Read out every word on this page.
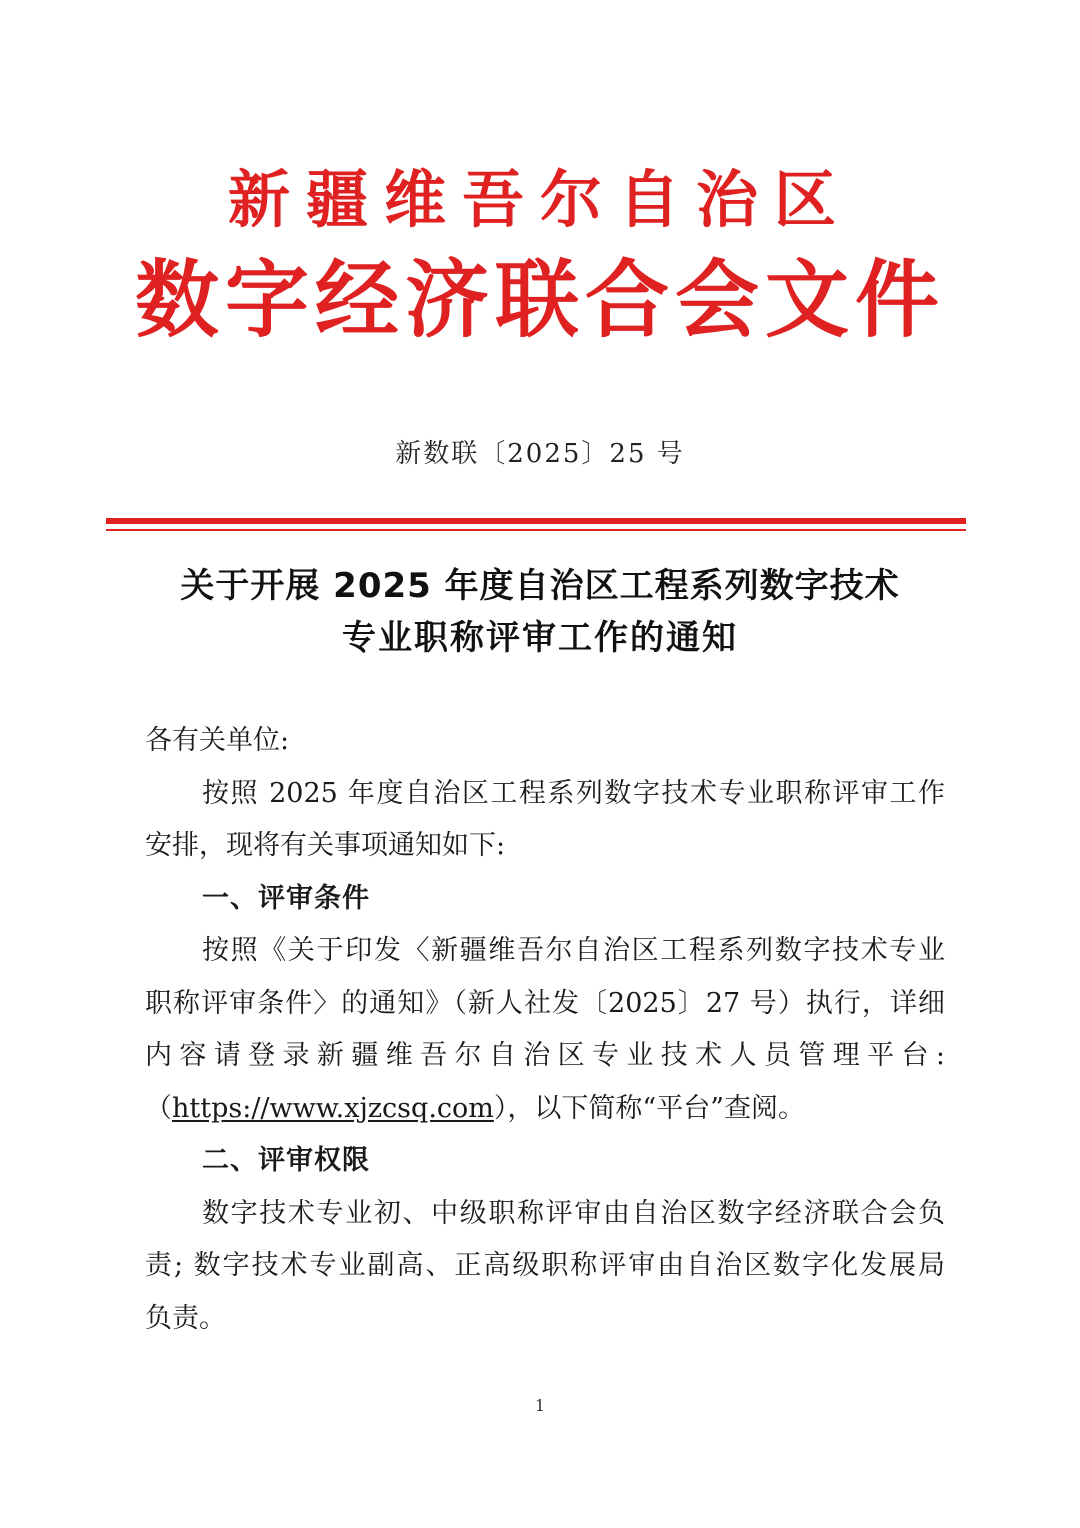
新疆维吾尔自治区
数字经济联合会文件
新数联〔2025〕25 号
关于开展 2025 年度自治区工程系列数字技术
专业职称评审工作的通知
各有关单位:
按照 2025 年度自治区工程系列数字技术专业职称评审工作
安排，现将有关事项通知如下:
一、评审条件
按照《关于印发〈新疆维吾尔自治区工程系列数字技术专业
职称评审条件〉的通知》（新人社发〔2025〕27 号）执行，详细
内容请登录新疆维吾尔自治区专业技术人员管理平台:
（https://www.xjzcsq.com），以下简称“平台”查阅。
二、评审权限
数字技术专业初、中级职称评审由自治区数字经济联合会负
责; 数字技术专业副高、正高级职称评审由自治区数字化发展局
负责。
1
